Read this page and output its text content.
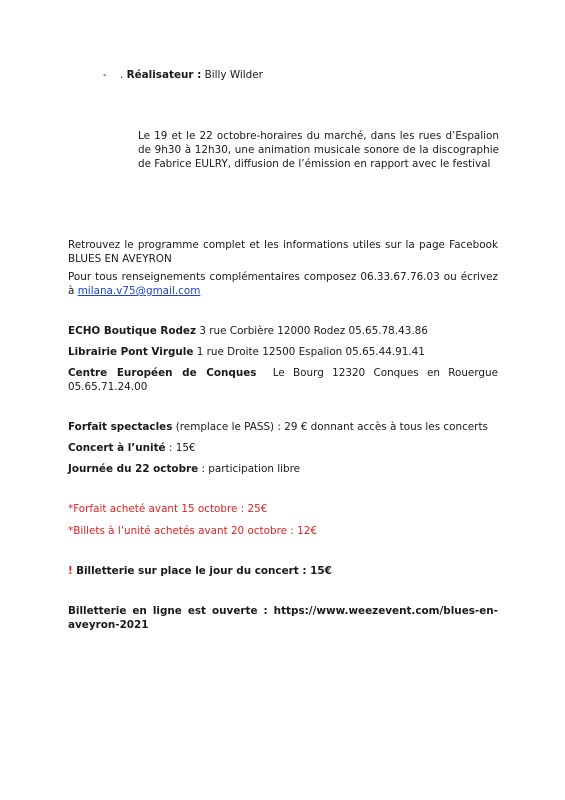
- . Réalisateur : Billy Wilder
Le 19 et le 22 octobre-horaires du marché, dans les rues d’Espalion
de 9h30 à 12h30, une animation musicale sonore de la discographie
de Fabrice EULRY, diffusion de l’émission en rapport avec le festival
Retrouvez le programme complet et les informations utiles sur la page Facebook
BLUES EN AVEYRON
Pour tous renseignements complémentaires composez 06.33.67.76.03 ou écrivez
à milana.v75@gmail.com
ECHO Boutique Rodez 3 rue Corbière 12000 Rodez 05.65.78.43.86
Librairie Pont Virgule 1 rue Droite 12500 Espalion 05.65.44.91.41
Centre Européen de Conques Le Bourg 12320 Conques en Rouergue
05.65.71.24.00
Forfait spectacles (remplace le PASS) : 29 € donnant accès à tous les concerts
Concert à l’unité : 15€
Journée du 22 octobre : participation libre
*Forfait acheté avant 15 octobre : 25€
*Billets à l’unité achetés avant 20 octobre : 12€
! Billetterie sur place le jour du concert : 15€
Billetterie en ligne est ouverte : https://www.weezevent.com/blues-en-
aveyron-2021
